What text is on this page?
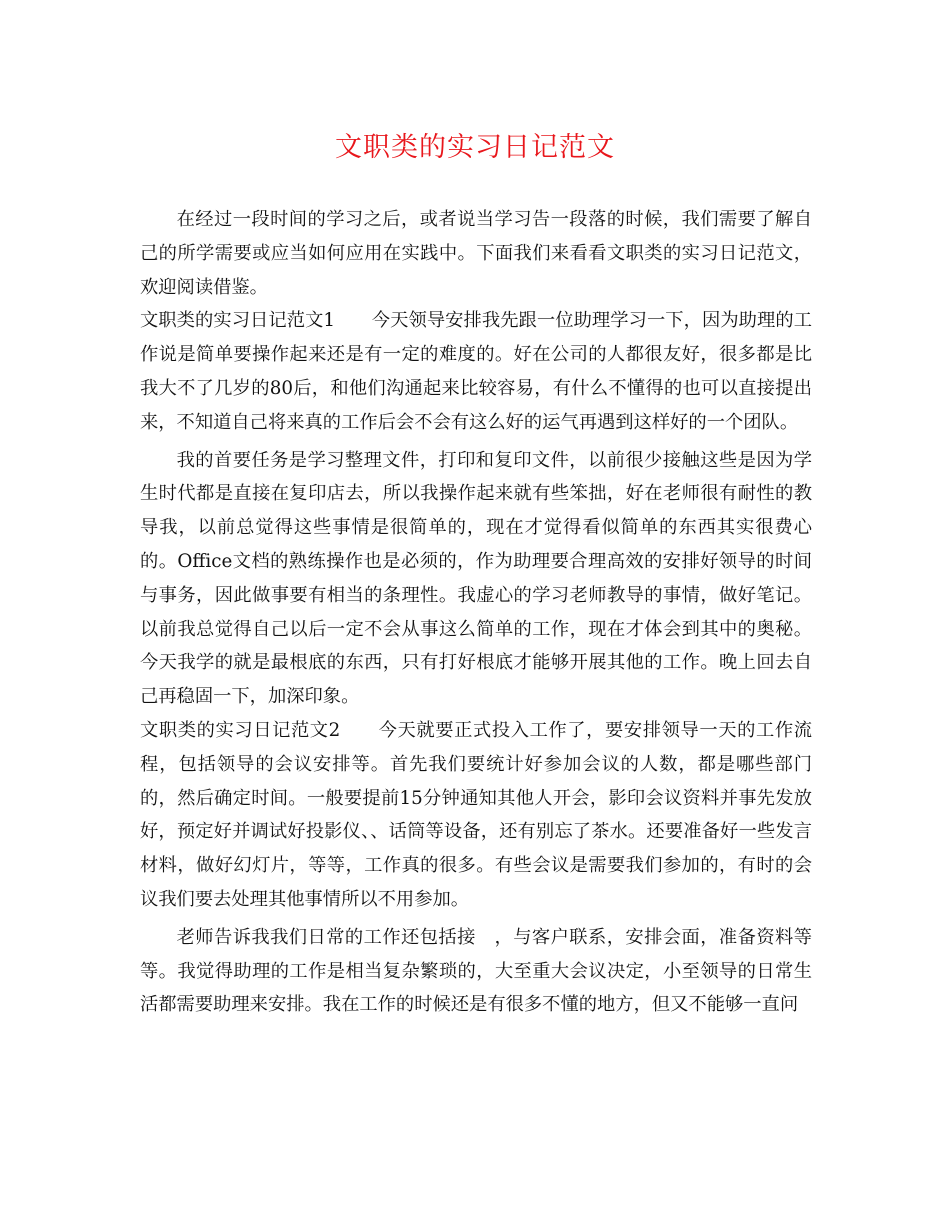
文职类的实习日记范文

在经过一段时间的学习之后，或者说当学习告一段落的时候，我们需要了解自己的所学需要或应当如何应用在实践中。下面我们来看看文职类的实习日记范文，欢迎阅读借鉴。

文职类的实习日记范文1　　今天领导安排我先跟一位助理学习一下，因为助理的工作说是简单要操作起来还是有一定的难度的。好在公司的人都很友好，很多都是比我大不了几岁的80后，和他们沟通起来比较容易，有什么不懂得的也可以直接提出来，不知道自己将来真的工作后会不会有这么好的运气再遇到这样好的一个团队。

我的首要任务是学习整理文件，打印和复印文件，以前很少接触这些是因为学生时代都是直接在复印店去，所以我操作起来就有些笨拙，好在老师很有耐性的教导我，以前总觉得这些事情是很简单的，现在才觉得看似简单的东西其实很费心的。Office文档的熟练操作也是必须的，作为助理要合理高效的安排好领导的时间与事务，因此做事要有相当的条理性。我虚心的学习老师教导的事情，做好笔记。以前我总觉得自己以后一定不会从事这么简单的工作，现在才体会到其中的奥秘。 今天我学的就是最根底的东西，只有打好根底才能够开展其他的工作。晚上回去自己再稳固一下，加深印象。

文职类的实习日记范文2　　今天就要正式投入工作了，要安排领导一天的工作流程，包括领导的会议安排等。首先我们要统计好参加会议的人数，都是哪些部门的，然后确定时间。一般要提前15分钟通知其他人开会，影印会议资料并事先发放好，预定好并调试好投影仪、、话筒等设备，还有别忘了茶水。还要准备好一些发言材料，做好幻灯片，等等，工作真的很多。有些会议是需要我们参加的，有时的会议我们要去处理其他事情所以不用参加。

老师告诉我我们日常的工作还包括接　，与客户联系，安排会面，准备资料等等。我觉得助理的工作是相当复杂繁琐的，大至重大会议决定，小至领导的日常生活都需要助理来安排。我在工作的时候还是有很多不懂的地方，但又不能够一直问
